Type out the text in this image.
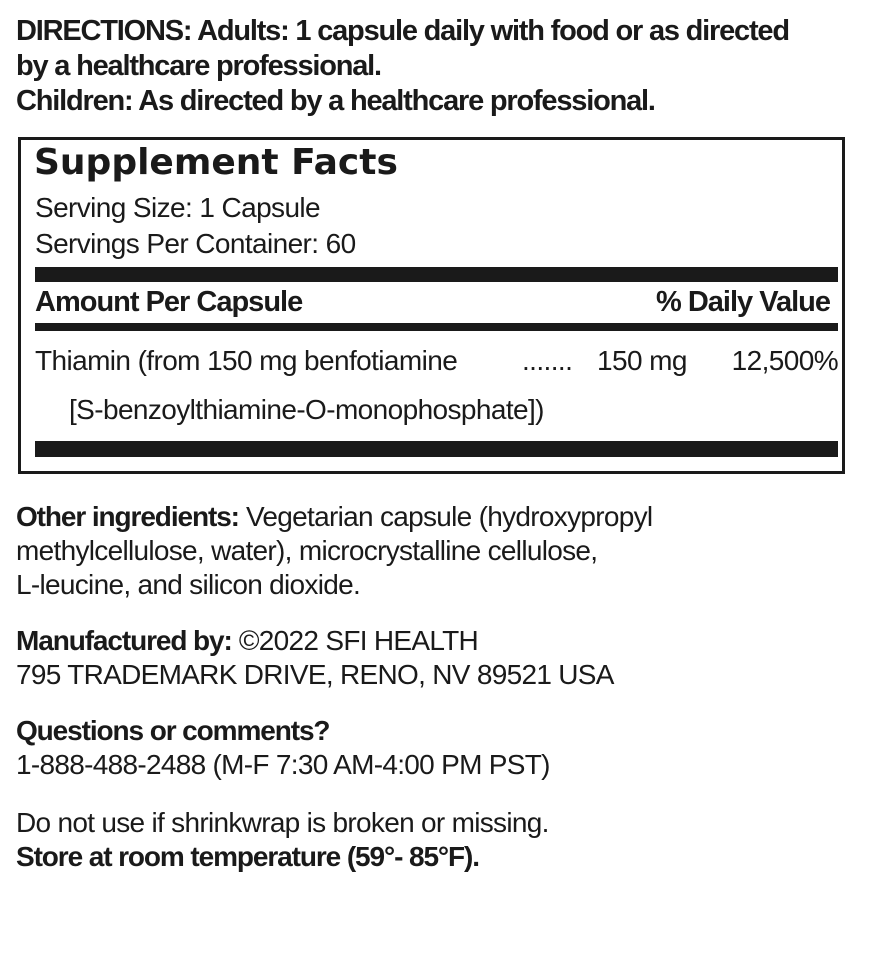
DIRECTIONS: Adults: 1 capsule daily with food or as directed
by a healthcare professional.
Children: As directed by a healthcare professional.
Supplement Facts
Serving Size: 1 Capsule
Servings Per Container: 60
Amount Per Capsule	% Daily Value
Thiamin (from 150 mg benfotiamine ....... 150 mg 12,500%
[S-benzoylthiamine-O-monophosphate])
Other ingredients: Vegetarian capsule (hydroxypropyl
methylcellulose, water), microcrystalline cellulose,
L-leucine, and silicon dioxide.
Manufactured by: ©2022 SFI HEALTH
795 TRADEMARK DRIVE, RENO, NV 89521 USA
Questions or comments?
1-888-488-2488 (M-F 7:30 AM-4:00 PM PST)
Do not use if shrinkwrap is broken or missing.
Store at room temperature (59°- 85°F).
